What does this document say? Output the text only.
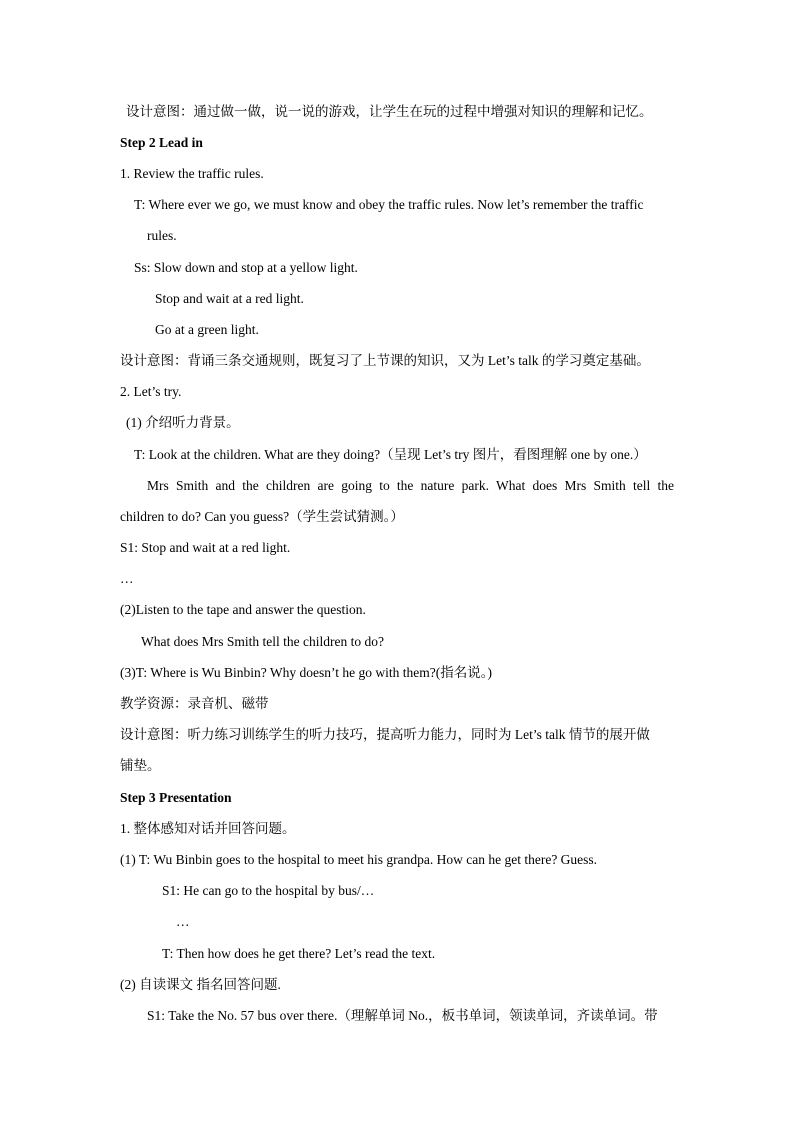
设计意图：通过做一做，说一说的游戏，让学生在玩的过程中增强对知识的理解和记忆。
Step 2 Lead in
1. Review the traffic rules.
T: Where ever we go, we must know and obey the traffic rules. Now let’s remember the traffic
rules.
Ss: Slow down and stop at a yellow light.
Stop and wait at a red light.
Go at a green light.
设计意图：背诵三条交通规则，既复习了上节课的知识，又为 Let’s talk 的学习奠定基础。
2. Let’s try.
(1) 介绍听力背景。
T: Look at the children. What are they doing?（呈现 Let’s try 图片，看图理解 one by one.）
Mrs Smith and the children are going to the nature park. What does Mrs Smith tell the
children to do? Can you guess?（学生尝试猜测。）
S1: Stop and wait at a red light.
…
(2)Listen to the tape and answer the question.
What does Mrs Smith tell the children to do?
(3)T: Where is Wu Binbin? Why doesn’t he go with them?(指名说。)
教学资源：录音机、磁带
设计意图：听力练习训练学生的听力技巧，提高听力能力，同时为 Let’s talk 情节的展开做
铺垫。
Step 3 Presentation
1. 整体感知对话并回答问题。
(1) T: Wu Binbin goes to the hospital to meet his grandpa. How can he get there? Guess.
S1: He can go to the hospital by bus/…
…
T: Then how does he get there? Let’s read the text.
(2) 自读课文 指名回答问题.
S1: Take the No. 57 bus over there.（理解单词 No.，板书单词，领读单词，齐读单词。带
